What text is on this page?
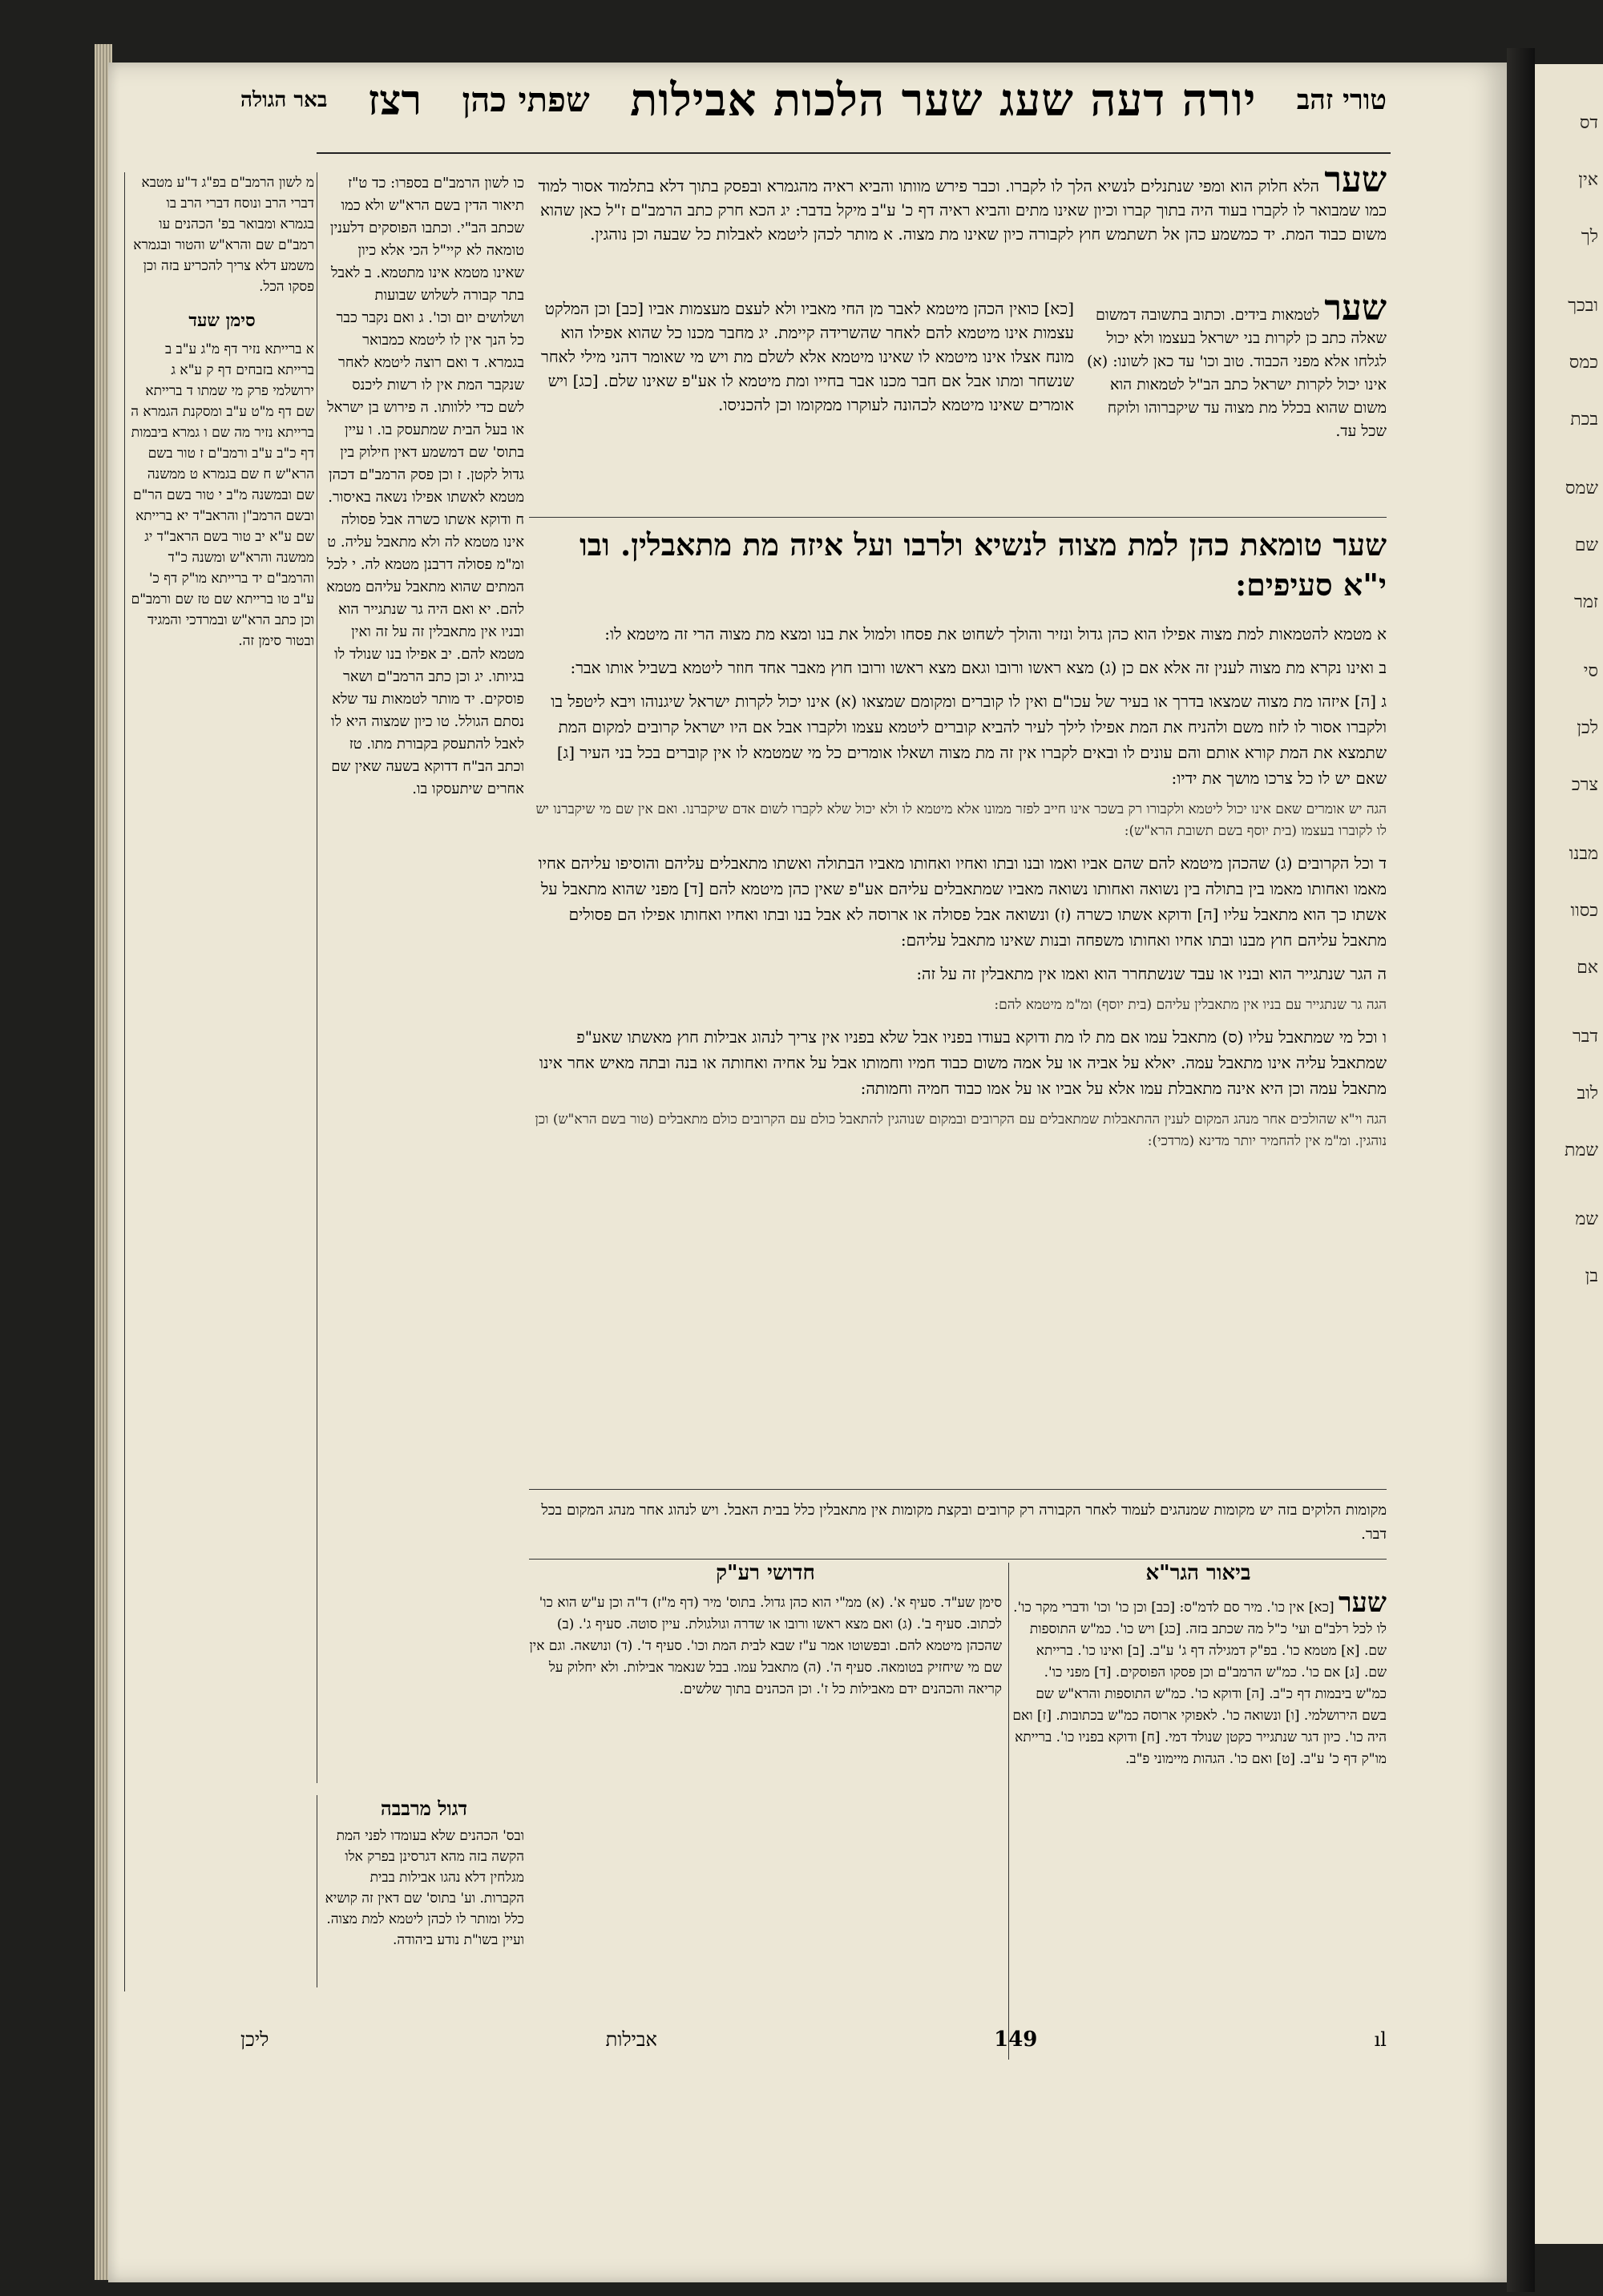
דס
אין
לך
ובכך
כמס
בכת
שמס
שם
זמר
סי
לכן
צרכ
מבנו
כסוו
אם
דבר
לוב
שמת
שמ
בן
טורי זהב
יורה דעה שעג שער הלכות אבילות
שפתי כהן
רצז
באר הגולה
מ לשון הרמב"ם בפ"ג ד"ע מטבא דברי הרב ונוסח דברי הרב בו בגמרא ומבואר בפ' הכהנים עו רמב"ם שם והרא"ש והטור ובגמרא משמע דלא צריך להכריע בזה וכן פסקו הכל.
סימן שעד
א ברייתא נזיר דף מ"ג ע"ב ב ברייתא בזבחים דף ק ע"א ג ירושלמי פרק מי שמתו ד ברייתא שם דף מ"ט ע"ב ומסקנת הגמרא ה ברייתא נזיר מה שם ו גמרא ביבמות דף כ"ב ע"ב ורמב"ם ז טור בשם הרא"ש ח שם בגמרא ט ממשנה שם ובמשנה מ"ב י טור בשם הר"ם ובשם הרמב"ן והראב"ד יא ברייתא שם ע"א יב טור בשם הראב"ד יג ממשנה והרא"ש ומשנה כ"ד והרמב"ם יד ברייתא מו"ק דף כ' ע"ב טו ברייתא שם טז שם ורמב"ם וכן כתב הרא"ש ובמרדכי והמגיד ובטור סימן זה.
כו לשון הרמב"ם בספרו: כד ט"ז תיאור הדין בשם הרא"ש ולא כמו שכתב הב"י. וכתבו הפוסקים דלענין טומאה לא קיי"ל הכי אלא כיון שאינו מטמא אינו מתטמא. ב לאבל בתר קבורה לשלוש שבועות ושלושים יום וכו'. ג ואם נקבר כבר כל הנך אין לו ליטמא כמבואר בגמרא. ד ואם רוצה ליטמא לאחר שנקבר המת אין לו רשות ליכנס לשם כדי ללוותו. ה פירוש בן ישראל או בעל הבית שמתעסק בו. ו עיין בתוס' שם דמשמע דאין חילוק בין גדול לקטן. ז וכן פסק הרמב"ם דכהן מטמא לאשתו אפילו נשאה באיסור. ח ודוקא אשתו כשרה אבל פסולה אינו מטמא לה ולא מתאבל עליה. ט ומ"מ פסולה דרבנן מטמא לה. י לכל המתים שהוא מתאבל עליהם מטמא להם. יא ואם היה גר שנתגייר הוא ובניו אין מתאבלין זה על זה ואין מטמא להם. יב אפילו בנו שנולד לו בגיותו. יג וכן כתב הרמב"ם ושאר פוסקים. יד מותר לטמאות עד שלא נסתם הגולל. טו כיון שמצוה היא לו לאבל להתעסק בקבורת מתו. טז וכתב הב"ח דדוקא בשעה שאין שם אחרים שיתעסקו בו.
דגול מרבבה
ובס' הכהנים שלא בעומדו לפני המת הקשה בזה מהא דגרסינן בפרק אלו מגלחין דלא נהגו אבילות בבית הקברות. וע' בתוס' שם דאין זה קושיא כלל ומותר לו לכהן ליטמא למת מצוה. ועיין בשו"ת נודע ביהודה.
שער הלא חלוק הוא ומפי שנתנלים לנשיא הלך לו לקברו. וכבר פירש מוותו והביא ראיה מהגמרא ובפסק בתוך דלא בתלמוד אסור למוד כמו שמבואר לו לקברו בעוד היה בתוך קברו וכיון שאינו מתים והביא ראיה דף כ' ע"ב מיקל בדבר: יג הכא חרק כתב הרמב"ם ז"ל כאן שהוא משום כבוד המת. יד כמשמע כהן אל תשתמש חוץ לקבורה כיון שאינו מת מצוה. א מותר לכהן ליטמא לאבלות כל שבעה וכן נוהגין.
שער לטמאות בידים. וכתוב בתשובה דמשום שאלה כתב כן לקרות בני ישראל בעצמו ולא יכול לגלחו אלא מפני הכבוד. טוב וכו' עד כאן לשונו: (א) אינו יכול לקרות ישראל כתב הב"ל לטמאות הוא משום שהוא בכלל מת מצוה עד שיקברוהו ולוקח שכל עד.
[כא] כואין הכהן מיטמא לאבר מן החי מאביו ולא לעצם מעצמות אביו [כב] וכן המלקט עצמות אינו מיטמא להם לאחר שהשרידה קיימת. יג מחבר מכנו כל שהוא אפילו הוא מונח אצלו אינו מיטמא לו שאינו מיטמא אלא לשלם מת ויש מי שאומר דהני מילי לאחר שנשחר ומתו אבל אם חבר מכנו אבר בחייו ומת מיטמא לו אע"פ שאינו שלם. [כג] ויש אומרים שאינו מיטמא לכהונה לעוקרו ממקומו וכן להכניסו.
שער טומאת כהן למת מצוה לנשיא ולרבו ועל איזה מת מתאבלין. ובו י"א סעיפים:

א מטמא להטמאות למת מצוה אפילו הוא כהן גדול ונזיר והולך לשחוט את פסחו ולמול את בנו ומצא מת מצוה הרי זה מיטמא לו:

ב ואינו נקרא מת מצוה לענין זה אלא אם כן (ג) מצא ראשו ורובו וגאם מצא ראשו ורובו חוץ מאבר אחד חוזר ליטמא בשביל אותו אבר:

ג [ה] איזהו מת מצוה שמצאו בדרך או בעיר של עכו"ם ואין לו קוברים ומקומם שמצאו (א) אינו יכול לקרות ישראל שיגנוהו ויבא ליטפל בו ולקברו אסור לו לזוז משם ולהניח את המת אפילו לילך לעיר להביא קוברים ליטמא עצמו ולקברו אבל אם היו ישראל קרובים למקום המת שתמצא את המת קורא אותם והם עונים לו ובאים לקברו אין זה מת מצוה ושאלו אומרים כל מי שמטמא לו אין קוברים בכל בני העיר [ג] שאם יש לו כל צרכו מושך את ידיו:

הגה יש אומרים שאם אינו יכול ליטמא ולקבורו רק בשכר אינו חייב לפזר ממונו אלא מיטמא לו ולא יכול שלא לקברו לשום אדם שיקברנו. ואם אין שם מי שיקברנו יש לו לקוברו בעצמו (בית יוסף בשם תשובת הרא"ש):

ד וכל הקרובים (ג) שהכהן מיטמא להם שהם אביו ואמו ובנו ובתו ואחיו ואחותו מאביו הבתולה ואשתו מתאבלים עליהם והוסיפו עליהם אחיו מאמו ואחותו מאמו בין בתולה בין נשואה ואחותו נשואה מאביו שמתאבלים עליהם אע"פ שאין כהן מיטמא להם [ד] מפני שהוא מתאבל על אשתו כך הוא מתאבל עליו [ה] ודוקא אשתו כשרה (ז) ונשואה אבל פסולה או ארוסה לא אבל בנו ובתו ואחיו ואחותו אפילו הם פסולים מתאבל עליהם חוץ מבנו ובתו אחיו ואחותו משפחה ובנות שאינו מתאבל עליהם:

ה הגר שנתגייר הוא ובניו או עבד שנשתחרר הוא ואמו אין מתאבלין זה על זה:

הגה גר שנתגייר עם בניו אין מתאבלין עליהם (בית יוסף) ומ"מ מיטמא להם:

ו וכל מי שמתאבל עליו (ס) מתאבל עמו אם מת לו מת ודוקא בעודו בפניו אבל שלא בפניו אין צריך לנהוג אבילות חוץ מאשתו שאע"פ שמתאבל עליה אינו מתאבל עמה. יאלא על אביה או על אמה משום כבוד חמיו וחמותו אבל על אחיה ואחותה או בנה ובתה מאיש אחר אינו מתאבל עמה וכן היא אינה מתאבלת עמו אלא על אביו או על אמו כבוד חמיה וחמותה:

הגה וי"א שהולכים אחר מנהג המקום לענין ההתאבלות שמתאבלים עם הקרובים ובמקום שנוהגין להתאבל כולם עם הקרובים כולם מתאבלים (טור בשם הרא"ש) וכן נוהגין. ומ"מ אין להחמיר יותר מדינא (מרדכי):

מקומות הלוקים בזה יש מקומות שמנהגים לעמוד לאחר הקבורה רק קרובים ובקצת מקומות אין מתאבלין כלל בבית האבל. ויש לנהוג אחר מנהג המקום בכל דבר.
ביאור הגר"א
שער [כא] אין כו'. מיר סם לדמ"ס: [כב] וכן כו' וכו' ודברי מקר כו'. לו לכל רלב"ם ועי' כ"ל מה שכתב בזה. [כג] ויש כו'. כמ"ש התוספות שם. [א] מטמא כו'. בפ"ק דמגילה דף ג' ע"ב. [ב] ואינו כו'. ברייתא שם. [ג] אם כו'. כמ"ש הרמב"ם וכן פסקו הפוסקים. [ד] מפני כו'. כמ"ש ביבמות דף כ"ב. [ה] ודוקא כו'. כמ"ש התוספות והרא"ש שם בשם הירושלמי. [ו] ונשואה כו'. לאפוקי ארוסה כמ"ש בכתובות. [ז] ואם היה כו'. כיון דגר שנתגייר כקטן שנולד דמי. [ח] ודוקא בפניו כו'. ברייתא מו"ק דף כ' ע"ב. [ט] ואם כו'. הגהות מיימוני פ"ב.
חדושי רע"ק
סימן שע"ד. סעיף א'. (א) ממ"י הוא כהן גדול. בתוס' מיר (דף מ"ז) ד"ה וכן ע"ש הוא כו' לכתוב. סעיף ב'. (ג) ואם מצא ראשו ורובו או שדרה וגולגולת. עיין סוטה. סעיף ג'. (ב) שהכהן מיטמא להם. ובפשוטו אמר ע"ז שבא לבית המת וכו'. סעיף ד'. (ד) ונושאה. וגם אין שם מי שיחזיק בטומאה. סעיף ה'. (ה) מתאבל עמו. בבל שנאמר אבילות. ולא יחלוק על קריאה והכהנים ידם מאבילות כל ז'. וכן הכהנים בתוך שלשים.
ליכן	אבילות	149	ıl
